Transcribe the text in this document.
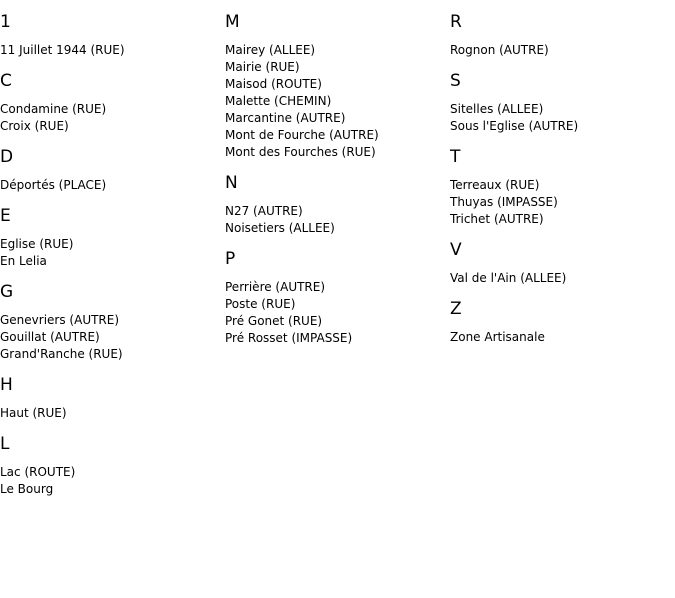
1
11 Juillet 1944 (RUE)
C
Condamine (RUE)
Croix (RUE)
D
Déportés (PLACE)
E
Eglise (RUE)
En Lelia
G
Genevriers (AUTRE)
Gouillat (AUTRE)
Grand'Ranche (RUE)
H
Haut (RUE)
L
Lac (ROUTE)
Le Bourg
M
Mairey (ALLEE)
Mairie (RUE)
Maisod (ROUTE)
Malette (CHEMIN)
Marcantine (AUTRE)
Mont de Fourche (AUTRE)
Mont des Fourches (RUE)
N
N27 (AUTRE)
Noisetiers (ALLEE)
P
Perrière (AUTRE)
Poste (RUE)
Pré Gonet (RUE)
Pré Rosset (IMPASSE)
R
Rognon (AUTRE)
S
Sitelles (ALLEE)
Sous l'Eglise (AUTRE)
T
Terreaux (RUE)
Thuyas (IMPASSE)
Trichet (AUTRE)
V
Val de l'Ain (ALLEE)
Z
Zone Artisanale
